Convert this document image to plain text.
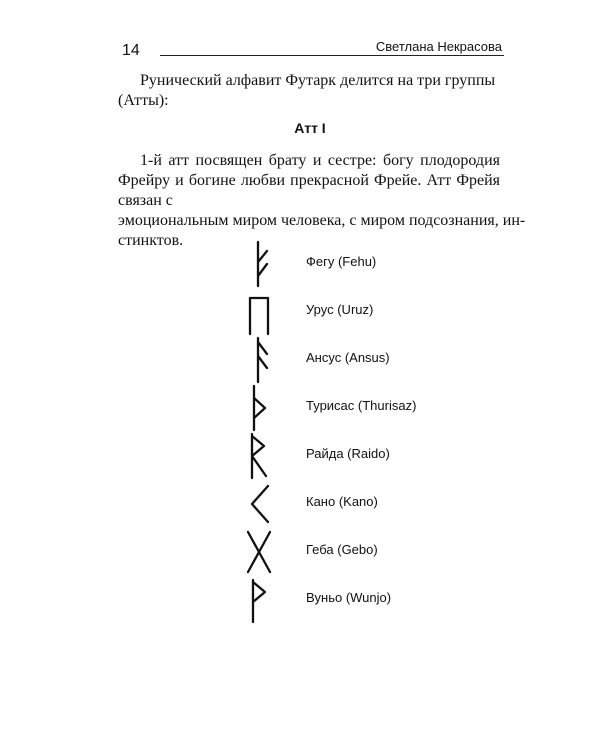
14	Светлана Некрасова

Рунический алфавит Футарк делится на три группы
(Атты):

Атт I

1-й атт посвящен брату и сестре: богу плодородия Фрейру и богине любви прекрасной Фрейе. Атт Фрейя связан с
эмоциональным миром человека, с миром подсознания, ин-
стинктов.

Фегу (Fehu)
Урус (Uruz)
Ансус (Ansus)
Турисас (Thurisaz)
Райда (Raido)
Кано (Kano)
Геба (Gebo)
Вуньо (Wunjo)
